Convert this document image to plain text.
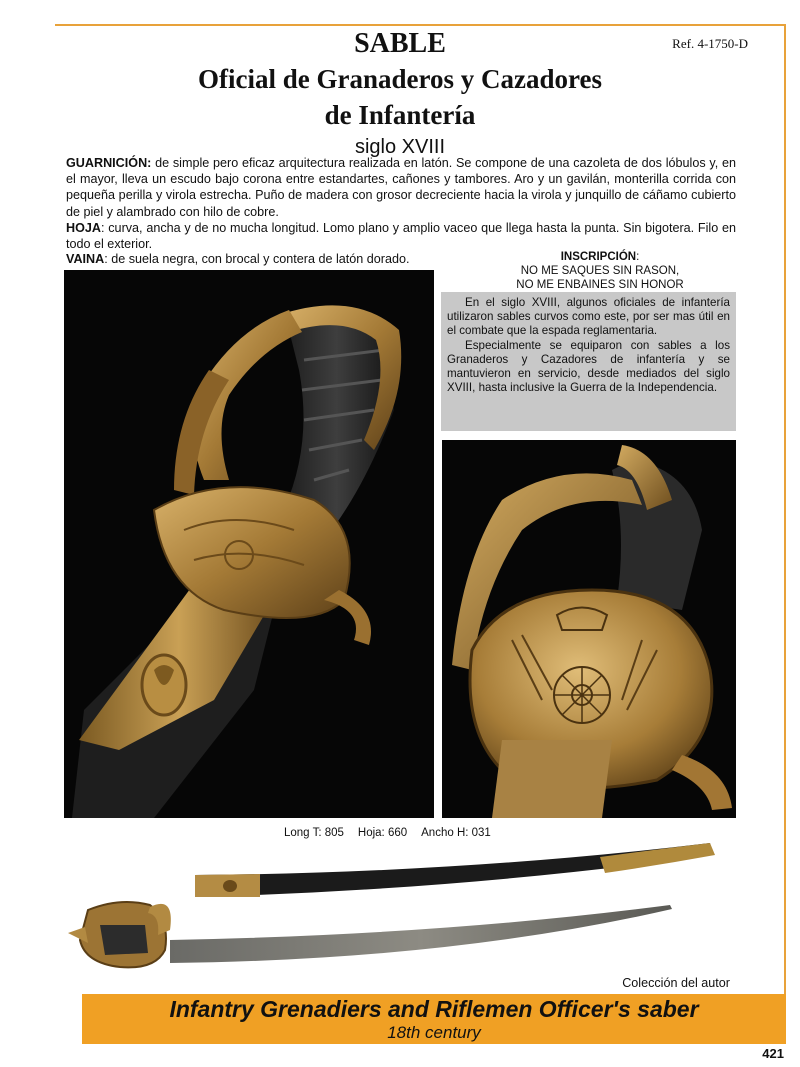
Ref. 4-1750-D
SABLE
Oficial de Granaderos y Cazadores
de Infantería
siglo XVIII

GUARNICIÓN: de simple pero eficaz arquitectura realizada en latón. Se compone de una cazoleta de dos lóbulos y, en el mayor, lleva un escudo bajo corona entre estandartes, cañones y tambores. Aro y un gavilán, monterilla corrida con pequeña perilla y virola estrecha. Puño de madera con grosor decreciente hacia la virola y junquillo de cáñamo cubierto de piel y alambrado con hilo de cobre.

HOJA: curva, ancha y de no mucha longitud. Lomo plano y amplio vaceo que llega hasta la punta. Sin bigotera. Filo en todo el exterior.

VAINA: de suela negra, con brocal y contera de latón dorado.	INSCRIPCIÓN:
NO ME SAQUES SIN RASON,
NO ME ENBAINES SIN HONOR

En el siglo XVIII, algunos oficiales de infantería utilizaron sables curvos como este, por ser mas útil en el combate que la espada reglamentaria.

Especialmente se equiparon con sables a los Granaderos y Cazadores de infantería y se mantuvieron en servicio, desde mediados del siglo XVIII, hasta inclusive la Guerra de la Independencia.

Long T: 805 Hoja: 660 Ancho H: 031
Colección del autor
Infantry Grenadiers and Riflemen Officer's saber
18th century
421
